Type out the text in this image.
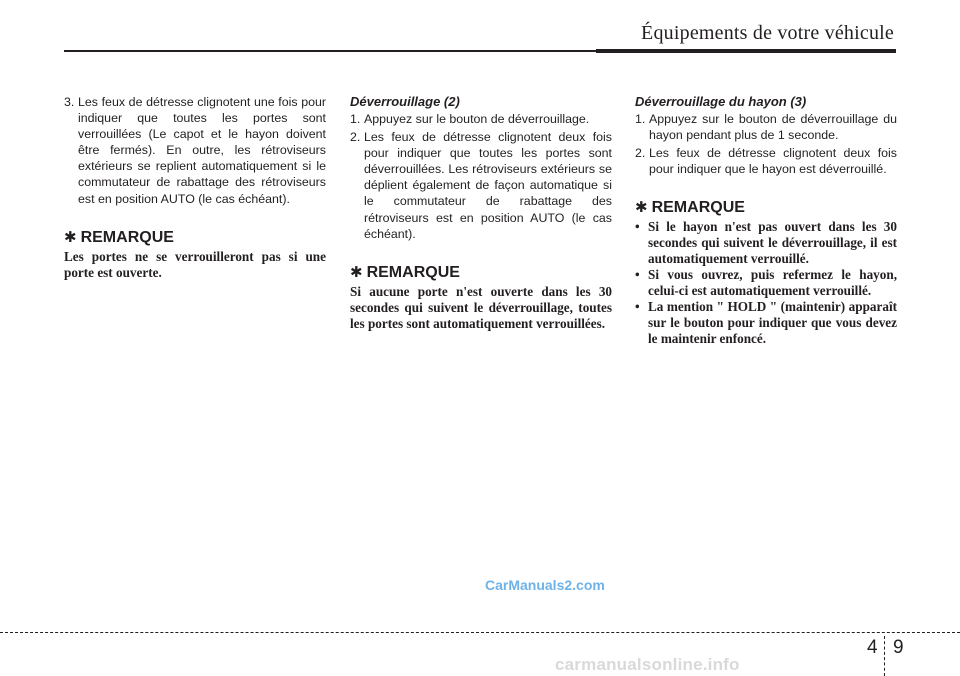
Équipements de votre véhicule
3. Les feux de détresse clignotent une fois pour indiquer que toutes les portes sont verrouillées (Le capot et le hayon doivent être fermés). En outre, les rétroviseurs extérieurs se replient automatiquement si le commutateur de rabattage des rétroviseurs est en position AUTO (le cas échéant).
✱ REMARQUE
Les portes ne se verrouilleront pas si une porte est ouverte.
Déverrouillage (2)
1. Appuyez sur le bouton de déverrouillage.
2. Les feux de détresse clignotent deux fois pour indiquer que toutes les portes sont déverrouillées. Les rétroviseurs extérieurs se déplient également de façon automatique si le commutateur de rabattage des rétroviseurs est en position AUTO (le cas échéant).
✱ REMARQUE
Si aucune porte n'est ouverte dans les 30 secondes qui suivent le déverrouillage, toutes les portes sont automatiquement verrouillées.
Déverrouillage du hayon (3)
1. Appuyez sur le bouton de déverrouillage du hayon pendant plus de 1 seconde.
2. Les feux de détresse clignotent deux fois pour indiquer que le hayon est déverrouillé.
✱ REMARQUE
• Si le hayon n'est pas ouvert dans les 30 secondes qui suivent le déverrouillage, il est automatiquement verrouillé.
• Si vous ouvrez, puis refermez le hayon, celui-ci est automatiquement verrouillé.
• La mention " HOLD " (maintenir) apparaît sur le bouton pour indiquer que vous devez le maintenir enfoncé.
CarManuals2.com
4 9
carmanualsonline.info
